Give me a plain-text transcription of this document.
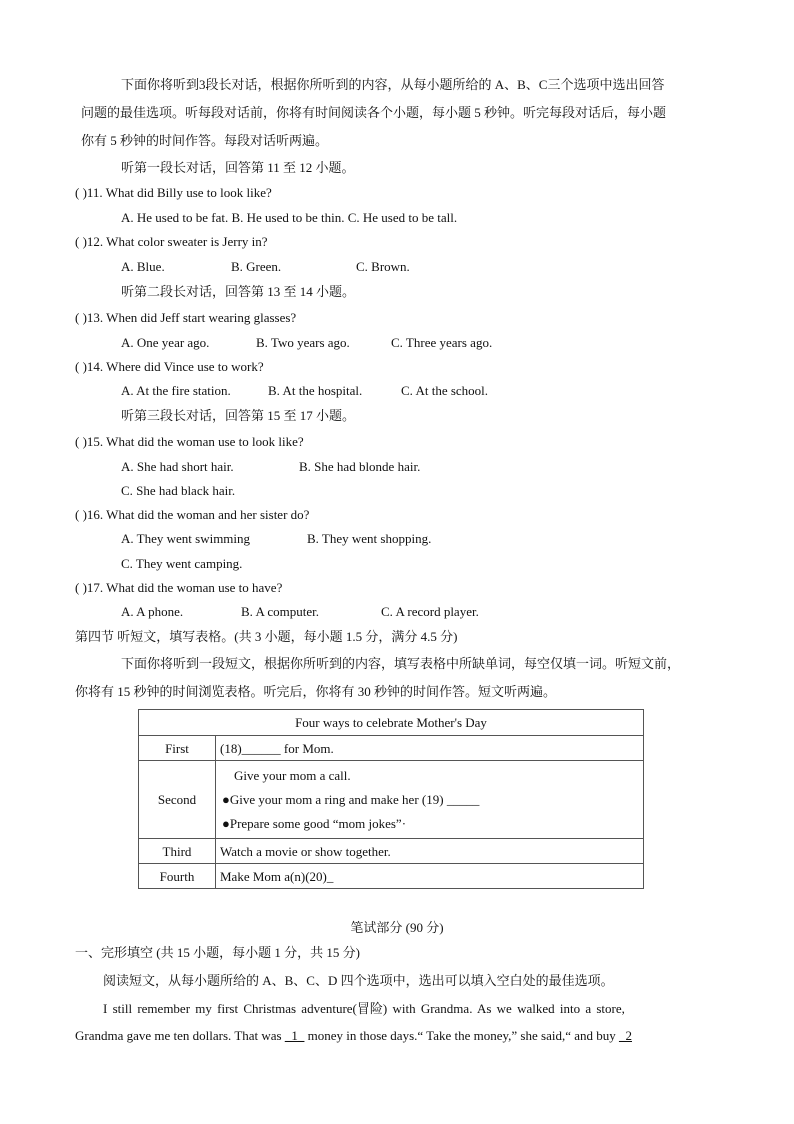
下面你将听到3段长对话，根据你所听到的内容，从每小题所给的 A、B、C三个选项中选出回答
问题的最佳选项。听每段对话前，你将有时间阅读各个小题，每小题 5 秒钟。听完每段对话后，每小题
你有 5 秒钟的时间作答。每段对话听两遍。
听第一段长对话，回答第 11 至 12 小题。
( )11. What did Billy use to look like?
A. He used to be fat. B. He used to be thin. C. He used to be tall.
( )12. What color sweater is Jerry in?
A. Blue.	B. Green.	C. Brown.
听第二段长对话，回答第 13 至 14 小题。
( )13. When did Jeff start wearing glasses?
A. One year ago.	B. Two years ago.	C. Three years ago.
( )14. Where did Vince use to work?
A. At the fire station.	B. At the hospital.	C. At the school.
听第三段长对话，回答第 15 至 17 小题。
( )15. What did the woman use to look like?
A. She had short hair.	B. She had blonde hair.
C. She had black hair.
( )16. What did the woman and her sister do?
A. They went swimming	B. They went shopping.
C. They went camping.
( )17. What did the woman use to have?
A. A phone.	B. A computer.	C. A record player.
第四节 听短文，填写表格。(共 3 小题，每小题 1.5 分，满分 4.5 分)
下面你将听到一段短文，根据你所听到的内容，填写表格中所缺单词，每空仅填一词。听短文前，
你将有 15 秒钟的时间浏览表格。听完后，你将有 30 秒钟的时间作答。短文听两遍。
Four ways to celebrate Mother's Day	
First	(18)______ for Mom.
Second	Give your mom a call.
●Give your mom a ring and make her (19) _____
●Prepare some good “mom jokes”·

Third	Watch a movie or show together.
Fourth	Make Mom a(n)(20)_
笔试部分 (90 分)
一、完形填空 (共 15 小题，每小题 1 分，共 15 分)
阅读短文，从每小题所给的 A、B、C、D 四个选项中，选出可以填入空白处的最佳选项。
I still remember my first Christmas adventure(冒险) with Grandma. As we walked into a store,
Grandma gave me ten dollars. That was _1_ money in those days.“ Take the money,” she said,“ and buy _2
